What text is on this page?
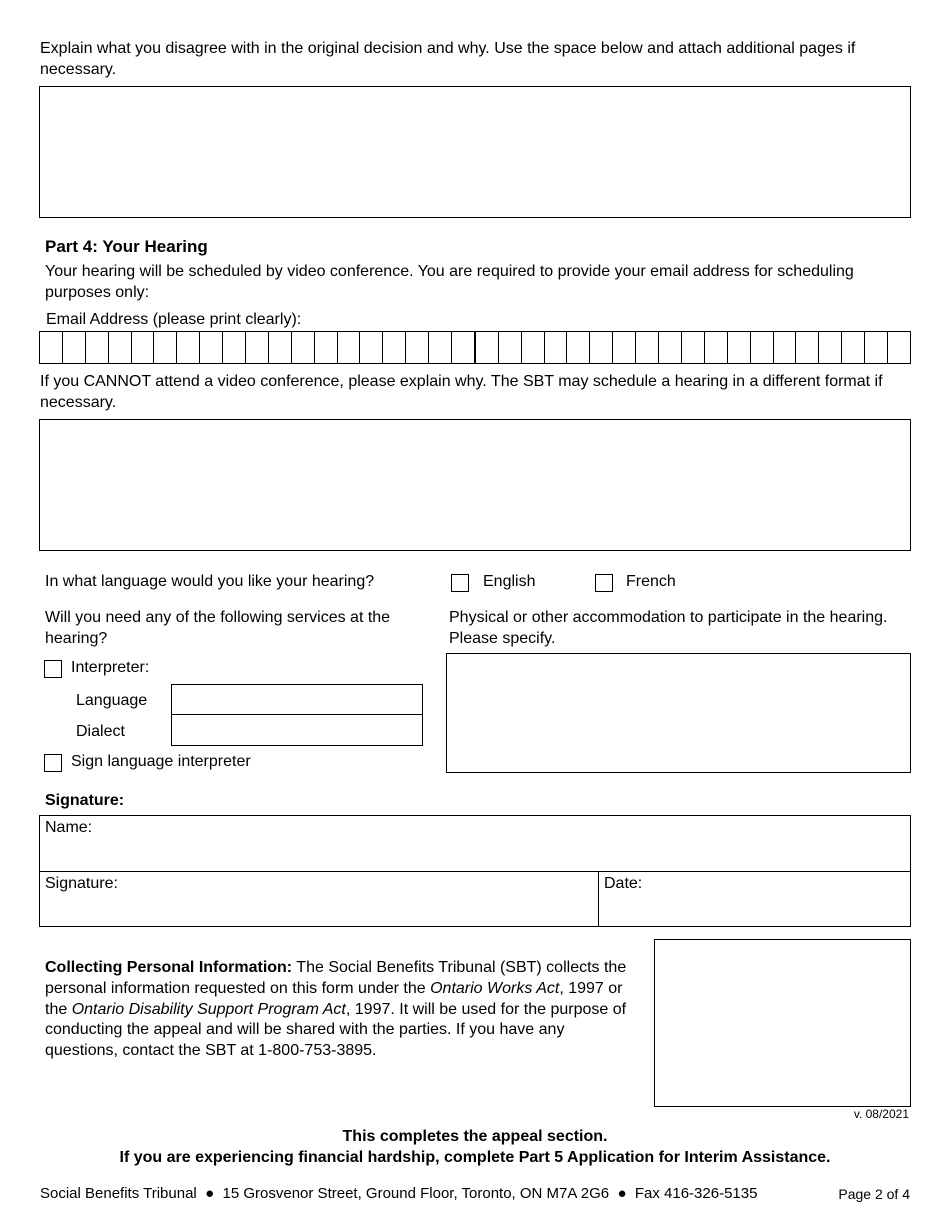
Explain what you disagree with in the original decision and why. Use the space below and attach additional pages if necessary.
Part 4: Your Hearing
Your hearing will be scheduled by video conference. You are required to provide your email address for scheduling purposes only:
Email Address (please print clearly):
If you CANNOT attend a video conference, please explain why. The SBT may schedule a hearing in a different format if necessary.
In what language would you like your hearing?	English	French
Will you need any of the following services at the hearing?
Interpreter:
Language
Dialect
Sign language interpreter
Physical or other accommodation to participate in the hearing. Please specify.
Signature:
Name:
Signature:	Date:
Collecting Personal Information: The Social Benefits Tribunal (SBT) collects the personal information requested on this form under the Ontario Works Act, 1997 or the Ontario Disability Support Program Act, 1997. It will be used for the purpose of conducting the appeal and will be shared with the parties. If you have any questions, contact the SBT at 1-800-753-3895.
v. 08/2021
This completes the appeal section.
If you are experiencing financial hardship, complete Part 5 Application for Interim Assistance.
Social Benefits Tribunal  ●  15 Grosvenor Street, Ground Floor, Toronto, ON M7A 2G6  ●  Fax 416-326-5135	Page 2 of 4
